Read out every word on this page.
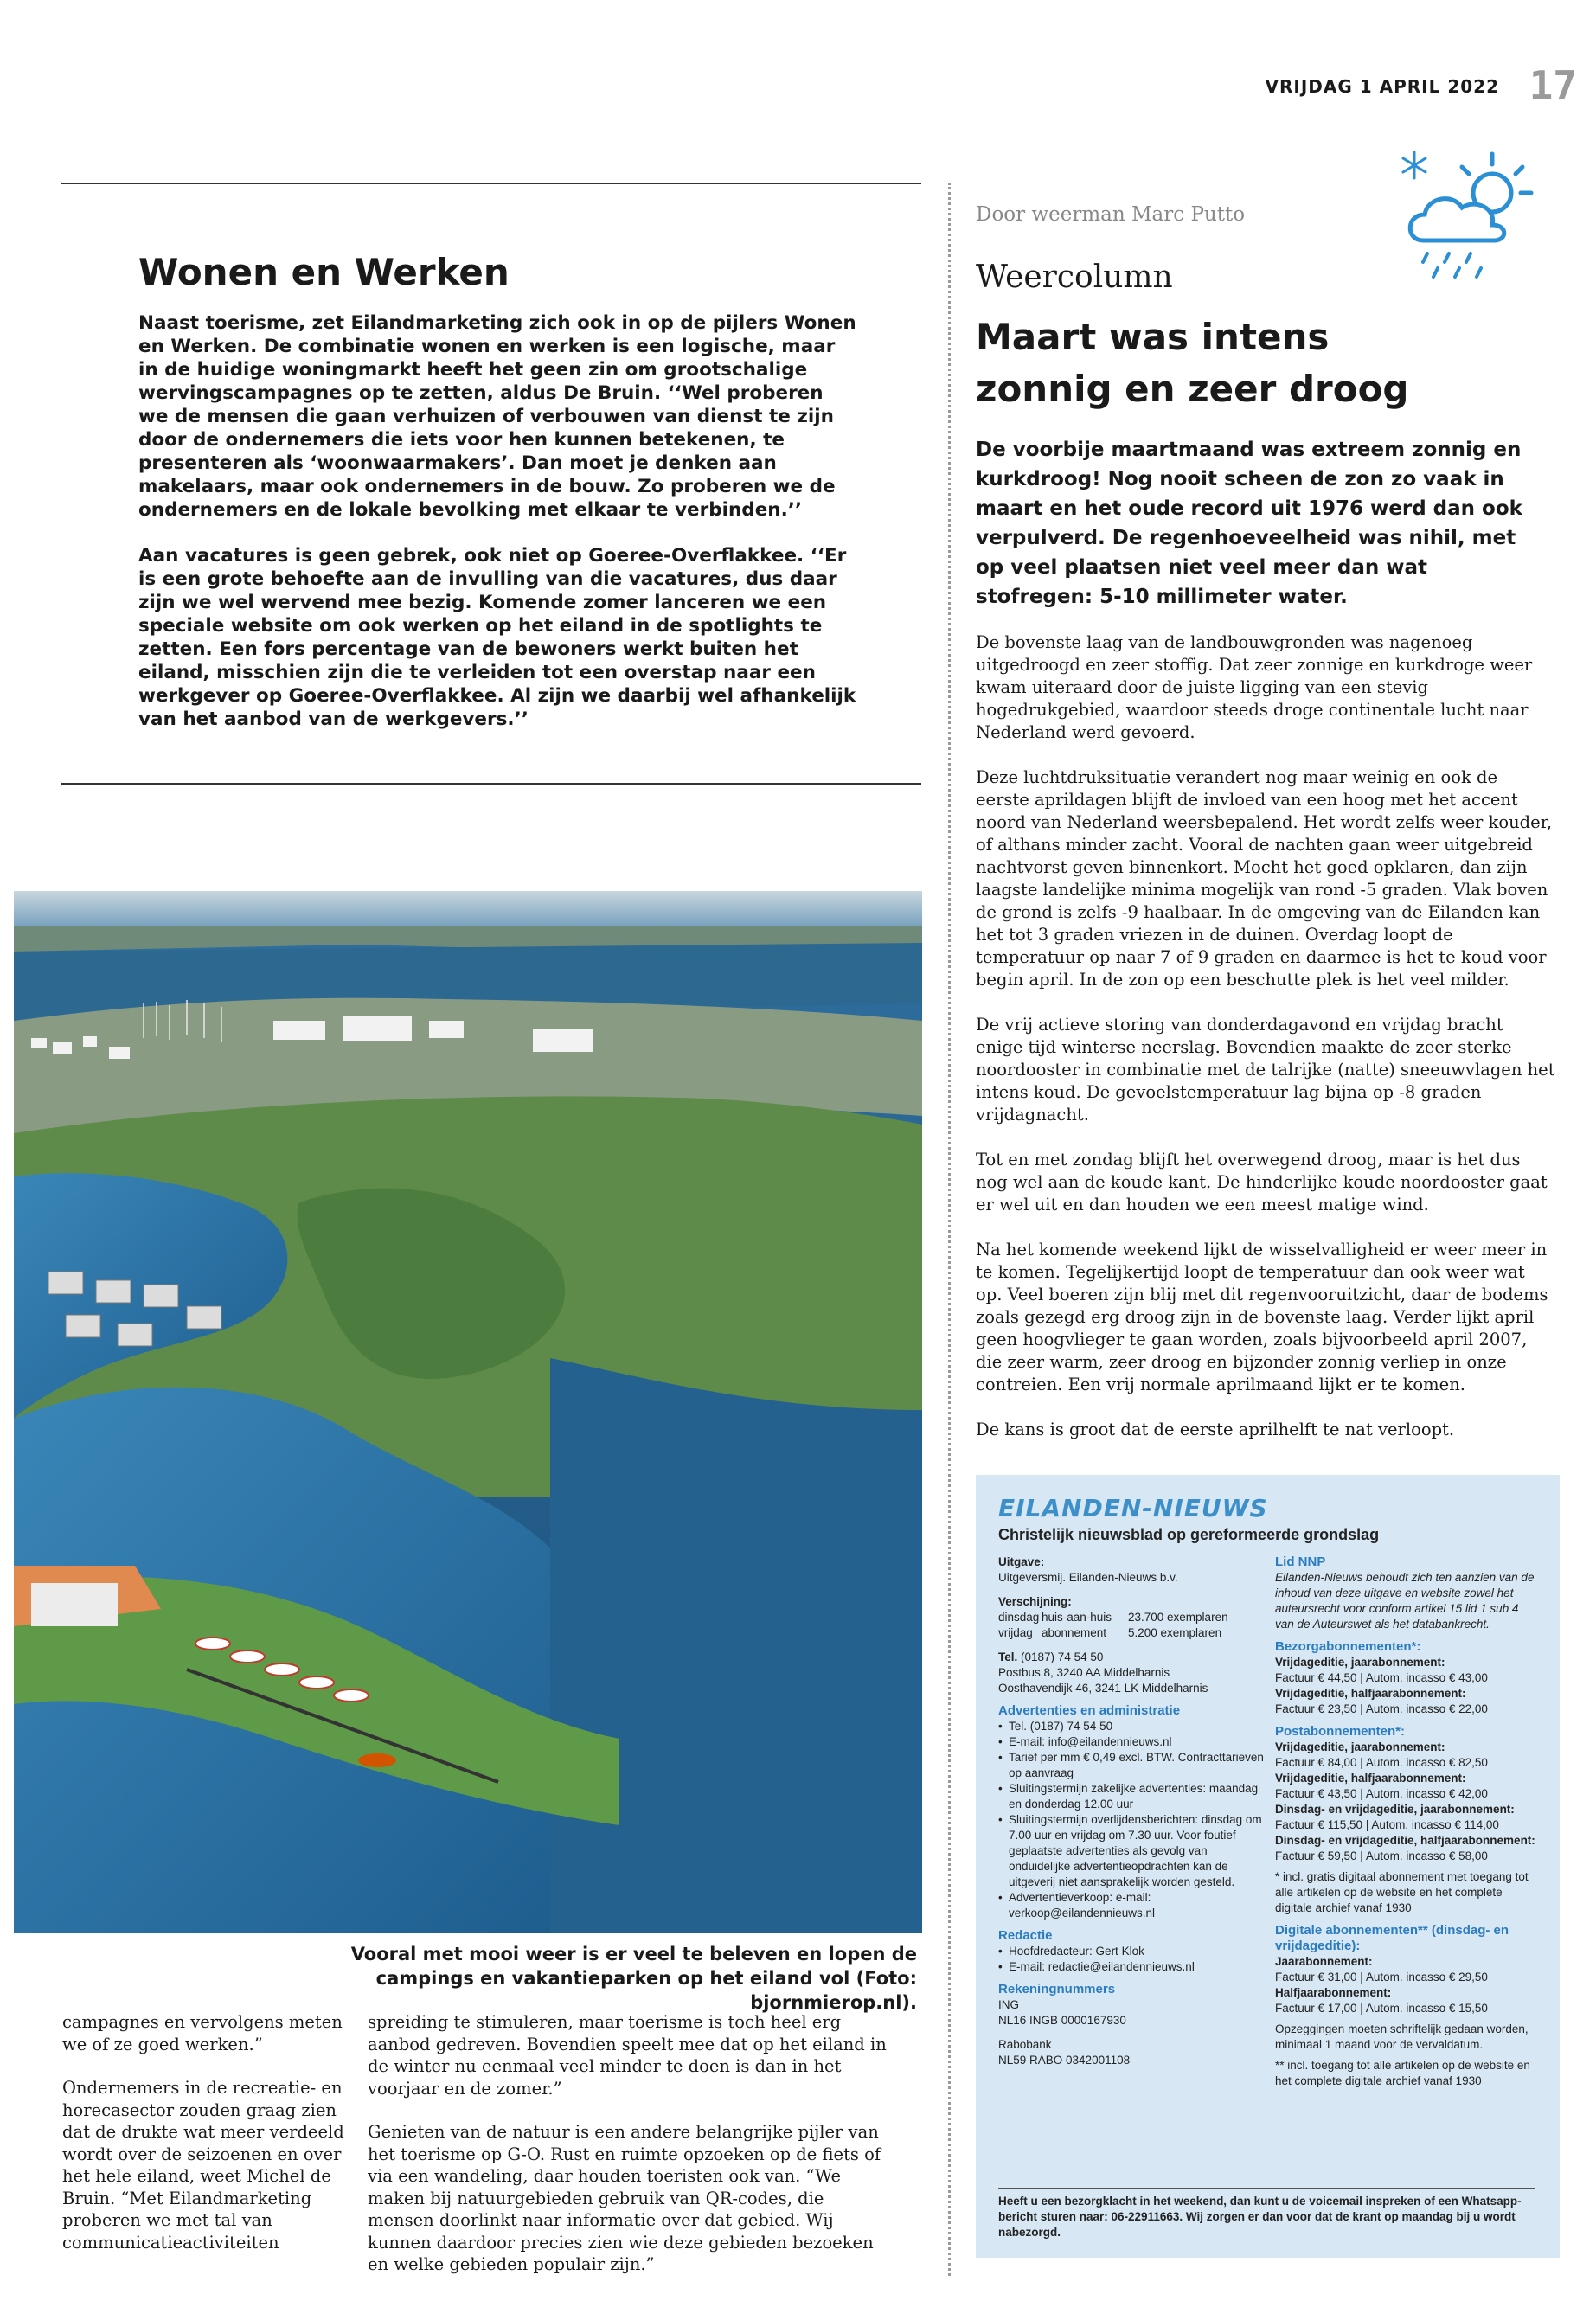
VRIJDAG 1 APRIL 2022 17
Wonen en Werken

Naast toerisme, zet Eilandmarketing zich ook in op de pijlers Wonen en Werken. De combinatie wonen en werken is een logische, maar in de huidige woningmarkt heeft het geen zin om grootschalige wervingscampagnes op te zetten, aldus De Bruin. ‘‘Wel proberen we de mensen die gaan verhuizen of verbouwen van dienst te zijn door de ondernemers die iets voor hen kunnen betekenen, te presenteren als ‘woonwaarmakers’. Dan moet je denken aan makelaars, maar ook ondernemers in de bouw. Zo proberen we de ondernemers en de lokale bevolking met elkaar te verbinden.’’

Aan vacatures is geen gebrek, ook niet op Goeree-Overflakkee. ‘‘Er is een grote behoefte aan de invulling van die vacatures, dus daar zijn we wel wervend mee bezig. Komende zomer lanceren we een speciale website om ook werken op het eiland in de spotlights te zetten. Een fors percentage van de bewoners werkt buiten het eiland, misschien zijn die te verleiden tot een overstap naar een werkgever op Goeree-Overflakkee. Al zijn we daarbij wel afhankelijk van het aanbod van de werkgevers.’’

Vooral met mooi weer is er veel te beleven en lopen de campings en vakantieparken op het eiland vol (Foto: bjornmierop.nl).

campagnes en vervolgens meten we of ze goed werken.”

Ondernemers in de recreatie- en horecasector zouden graag zien dat de drukte wat meer verdeeld wordt over de seizoenen en over het hele eiland, weet Michel de Bruin. “Met Eilandmarketing proberen we met tal van communicatieactiviteiten

spreiding te stimuleren, maar toerisme is toch heel erg aanbod gedreven. Bovendien speelt mee dat op het eiland in de winter nu eenmaal veel minder te doen is dan in het voorjaar en de zomer.”

Genieten van de natuur is een andere belangrijke pijler van het toerisme op G-O. Rust en ruimte opzoeken op de fiets of via een wandeling, daar houden toeristen ook van. “We maken bij natuurgebieden gebruik van QR-codes, die mensen doorlinkt naar informatie over dat gebied. Wij kunnen daardoor precies zien wie deze gebieden bezoeken en welke gebieden populair zijn.”

Door weerman Marc Putto
Weercolumn
Maart was intens zonnig en zeer droog
De voorbije maartmaand was extreem zonnig en kurkdroog! Nog nooit scheen de zon zo vaak in maart en het oude record uit 1976 werd dan ook verpulverd. De regenhoeveelheid was nihil, met op veel plaatsen niet veel meer dan wat stofregen: 5-10 millimeter water.

De bovenste laag van de landbouwgronden was nagenoeg uitgedroogd en zeer stoffig. Dat zeer zonnige en kurkdroge weer kwam uiteraard door de juiste ligging van een stevig hogedrukgebied, waardoor steeds droge continentale lucht naar Nederland werd gevoerd.

Deze luchtdruksituatie verandert nog maar weinig en ook de eerste aprildagen blijft de invloed van een hoog met het accent noord van Nederland weersbepalend. Het wordt zelfs weer kouder, of althans minder zacht. Vooral de nachten gaan weer uitgebreid nachtvorst geven binnenkort. Mocht het goed opklaren, dan zijn laagste landelijke minima mogelijk van rond -5 graden. Vlak boven de grond is zelfs -9 haalbaar. In de omgeving van de Eilanden kan het tot 3 graden vriezen in de duinen. Overdag loopt de temperatuur op naar 7 of 9 graden en daarmee is het te koud voor begin april. In de zon op een beschutte plek is het veel milder.

De vrij actieve storing van donderdagavond en vrijdag bracht enige tijd winterse neerslag. Bovendien maakte de zeer sterke noordooster in combinatie met de talrijke (natte) sneeuwvlagen het intens koud. De gevoelstemperatuur lag bijna op -8 graden vrijdagnacht.

Tot en met zondag blijft het overwegend droog, maar is het dus nog wel aan de koude kant. De hinderlijke koude noordooster gaat er wel uit en dan houden we een meest matige wind.

Na het komende weekend lijkt de wisselvalligheid er weer meer in te komen. Tegelijkertijd loopt de temperatuur dan ook weer wat op. Veel boeren zijn blij met dit regenvooruitzicht, daar de bodems zoals gezegd erg droog zijn in de bovenste laag. Verder lijkt april geen hoogvlieger te gaan worden, zoals bijvoorbeeld april 2007, die zeer warm, zeer droog en bijzonder zonnig verliep in onze contreien. Een vrij normale aprilmaand lijkt er te komen.

De kans is groot dat de eerste aprilhelft te nat verloopt.

EILANDEN-NIEUWS
Christelijk nieuwsblad op gereformeerde grondslag
Uitgave:
Uitgeversmij. Eilanden-Nieuws b.v.
Verschijning:
dinsdag huis-aan-huis	23.700 exemplaren
vrijdag abonnement	5.200 exemplaren
Tel. (0187) 74 54 50
Postbus 8, 3240 AA Middelharnis
Oosthavendijk 46, 3241 LK Middelharnis
Advertenties en administratie
• Tel. (0187) 74 54 50
• E-mail: info@eilandennieuws.nl
• Tarief per mm € 0,49 excl. BTW. Contracttarieven op aanvraag
• Sluitingstermijn zakelijke advertenties: maandag en donderdag 12.00 uur
• Sluitingstermijn overlijdensberichten: dinsdag om 7.00 uur en vrijdag om 7.30 uur. Voor foutief geplaatste advertenties als gevolg van onduidelijke advertentieopdrachten kan de uitgeverij niet aansprakelijk worden gesteld.
• Advertentieverkoop: e-mail: verkoop@eilandennieuws.nl
Redactie
• Hoofdredacteur: Gert Klok
• E-mail: redactie@eilandennieuws.nl
Rekeningnummers
ING
NL16 INGB 0000167930
Rabobank
NL59 RABO 0342001108
Lid NNP
Eilanden-Nieuws behoudt zich ten aanzien van de inhoud van deze uitgave en website zowel het auteursrecht voor conform artikel 15 lid 1 sub 4 van de Auteurswet als het databankrecht.
Bezorgabonnementen*:
Vrijdageditie, jaarabonnement:
Factuur € 44,50 | Autom. incasso € 43,00
Vrijdageditie, halfjaarabonnement:
Factuur € 23,50 | Autom. incasso € 22,00
Postabonnementen*:
Vrijdageditie, jaarabonnement:
Factuur € 84,00 | Autom. incasso € 82,50
Vrijdageditie, halfjaarabonnement:
Factuur € 43,50 | Autom. incasso € 42,00
Dinsdag- en vrijdageditie, jaarabonnement:
Factuur € 115,50 | Autom. incasso € 114,00
Dinsdag- en vrijdageditie, halfjaarabonnement:
Factuur € 59,50 | Autom. incasso € 58,00
* incl. gratis digitaal abonnement met toegang tot alle artikelen op de website en het complete digitale archief vanaf 1930
Digitale abonnementen** (dinsdag- en vrijdageditie):
Jaarabonnement:
Factuur € 31,00 | Autom. incasso € 29,50
Halfjaarabonnement:
Factuur € 17,00 | Autom. incasso € 15,50
Opzeggingen moeten schriftelijk gedaan worden, minimaal 1 maand voor de vervaldatum.
** incl. toegang tot alle artikelen op de website en het complete digitale archief vanaf 1930
Heeft u een bezorgklacht in het weekend, dan kunt u de voicemail inspreken of een Whatsapp-bericht sturen naar: 06-22911663. Wij zorgen er dan voor dat de krant op maandag bij u wordt nabezorgd.
